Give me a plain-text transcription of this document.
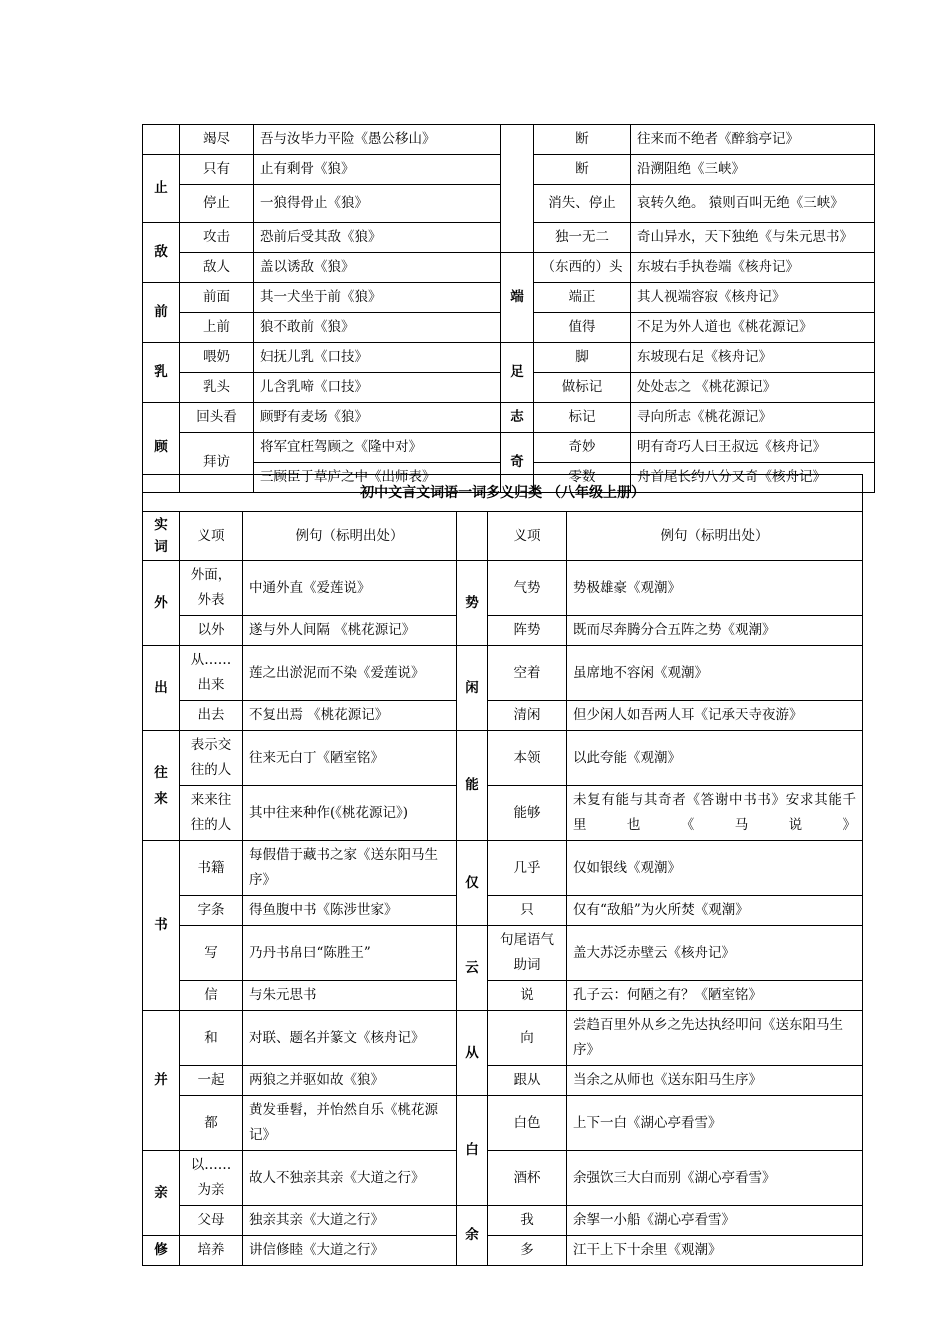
	竭尽	吾与汝毕力平险《愚公移山》		断	往来而不绝者《醉翁亭记》
止	只有	止有剩骨《狼》		断	沿溯阻绝《三峡》
	停止	一狼得骨止《狼》		消失、停止	哀转久绝。 猿则百叫无绝《三峡》
敌	攻击	恐前后受其敌《狼》		独一无二	奇山异水，天下独绝《与朱元思书》
	敌人	盖以诱敌《狼》	端	（东西的）头	东坡右手执卷端《核舟记》
前	前面	其一犬坐于前《狼》		端正	其人视端容寂《核舟记》
	上前	狼不敢前《狼》		值得	不足为外人道也《桃花源记》
乳	喂奶	妇抚儿乳《口技》	足	脚	东坡现右足《核舟记》
	乳头	儿含乳啼《口技》		做标记	处处志之 《桃花源记》
顾	回头看	顾野有麦场《狼》	志	标记	寻向所志《桃花源记》
	拜访	将军宜枉驾顾之《隆中对》	奇	奇妙	明有奇巧人曰王叔远《核舟记》
		三顾臣于草庐之中《出师表》		零数	舟首尾长约八分又奇《核舟记》
初中文言文词语一词多义归类 （八年级上册）					
实词	义项	例句（标明出处）		义项	例句（标明出处）
外	外面，外表	中通外直《爱莲说》	势	气势	势极雄豪《观潮》
	以外	遂与外人间隔 《桃花源记》		阵势	既而尽奔腾分合五阵之势《观潮》
出	从……出来	莲之出淤泥而不染《爱莲说》	闲	空着	虽席地不容闲《观潮》
	出去	不复出焉 《桃花源记》		清闲	但少闲人如吾两人耳《记承天寺夜游》
往来	表示交往的人	往来无白丁《陋室铭》	能	本领	以此夸能《观潮》
	来来往往的人	其中往来种作(《桃花源记》)		能够	未复有能与其奇者《答谢中书书》安求其能千里也《马说》
书	书籍	每假借于藏书之家《送东阳马生序》	仅	几乎	仅如银线《观潮》
	字条	得鱼腹中书《陈涉世家》		只	仅有“敌船”为火所焚《观潮》
	写	乃丹书帛曰“陈胜王”	云	句尾语气助词	盖大苏泛赤壁云《核舟记》
	信	与朱元思书		说	孔子云：何陋之有？《陋室铭》
并	和	对联、题名并篆文《核舟记》	从	向	尝趋百里外从乡之先达执经叩问《送东阳马生序》
	一起	两狼之并驱如故《狼》		跟从	当余之从师也《送东阳马生序》
	都	黄发垂髫，并怡然自乐《桃花源记》	白	白色	上下一白《湖心亭看雪》
亲	以……为亲	故人不独亲其亲《大道之行》		酒杯	余强饮三大白而别《湖心亭看雪》
	父母	独亲其亲《大道之行》	余	我	余挐一小船《湖心亭看雪》
修	培养	讲信修睦《大道之行》		多	江干上下十余里《观潮》
